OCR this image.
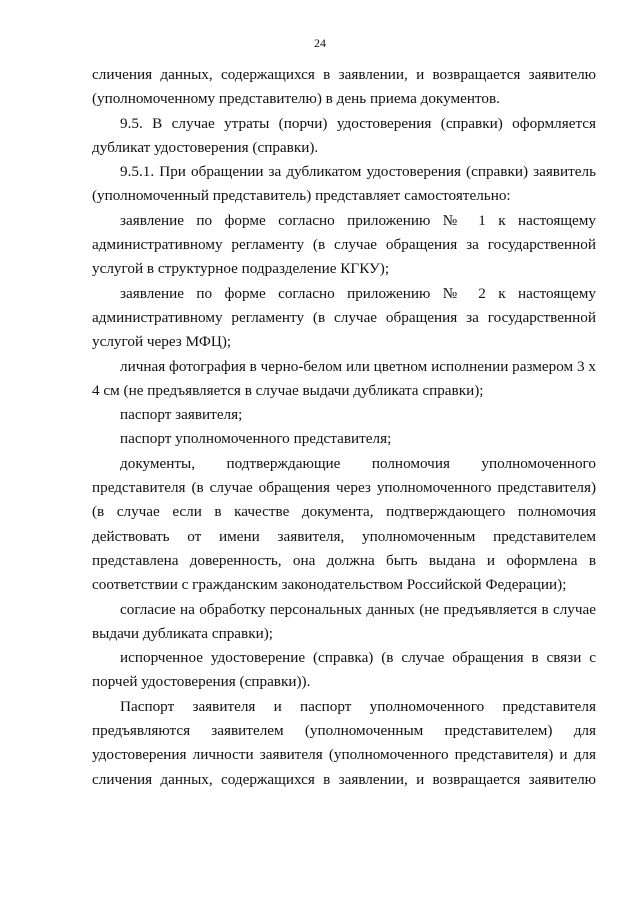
24

сличения данных, содержащихся в заявлении, и возвращается заявителю (уполномоченному представителю) в день приема документов.

9.5. В случае утраты (порчи) удостоверения (справки) оформляется дубликат удостоверения (справки).

9.5.1. При обращении за дубликатом удостоверения (справки) заявитель (уполномоченный представитель) представляет самостоятельно:

заявление по форме согласно приложению № 1 к настоящему административному регламенту (в случае обращения за государственной услугой в структурное подразделение КГКУ);

заявление по форме согласно приложению № 2 к настоящему административному регламенту (в случае обращения за государственной услугой через МФЦ);

личная фотография в черно-белом или цветном исполнении размером 3 х 4 см (не предъявляется в случае выдачи дубликата справки);

паспорт заявителя;

паспорт уполномоченного представителя;

документы, подтверждающие полномочия уполномоченного представителя (в случае обращения через уполномоченного представителя) (в случае если в качестве документа, подтверждающего полномочия действовать от имени заявителя, уполномоченным представителем представлена доверенность, она должна быть выдана и оформлена в соответствии с гражданским законодательством Российской Федерации);

согласие на обработку персональных данных (не предъявляется в случае выдачи дубликата справки);

испорченное удостоверение (справка) (в случае обращения в связи с порчей удостоверения (справки)).

Паспорт заявителя и паспорт уполномоченного представителя предъявляются заявителем (уполномоченным представителем) для удостоверения личности заявителя (уполномоченного представителя) и для сличения данных, содержащихся в заявлении, и возвращается заявителю
